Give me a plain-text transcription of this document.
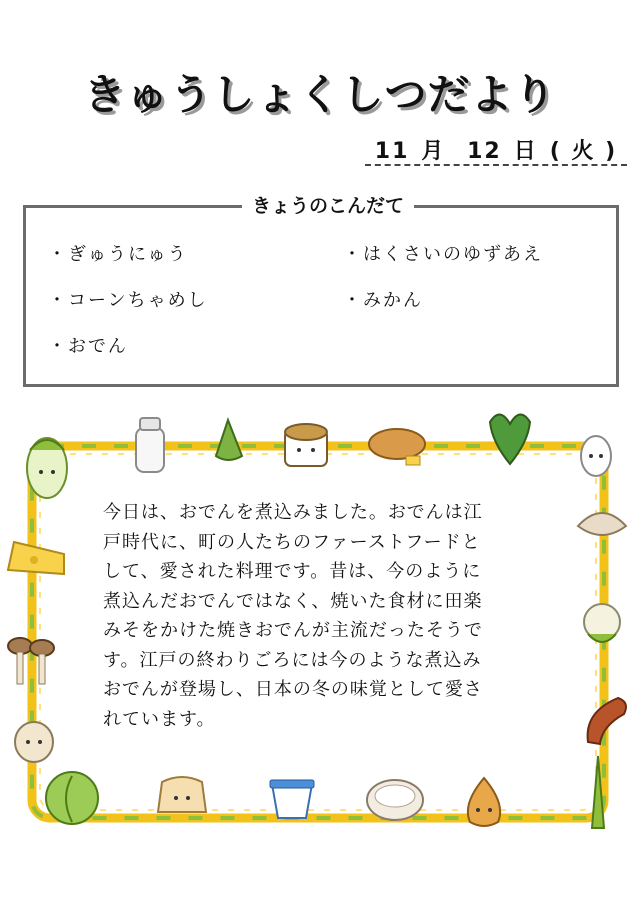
きゅうしょくしつだより
11 月 12 日 ( 火 )
きょうのこんだて
・ぎゅうにゅう	・はくさいのゆずあえ
・コーンちゃめし	・みかん
・おでん
今日は、おでんを煮込みました。おでんは江
戸時代に、町の人たちのファーストフードと
して、愛された料理です。昔は、今のように
煮込んだおでんではなく、焼いた食材に田楽
みそをかけた焼きおでんが主流だったそうで
す。江戸の終わりごろには今のような煮込み
おでんが登場し、日本の冬の味覚として愛さ
れています。
